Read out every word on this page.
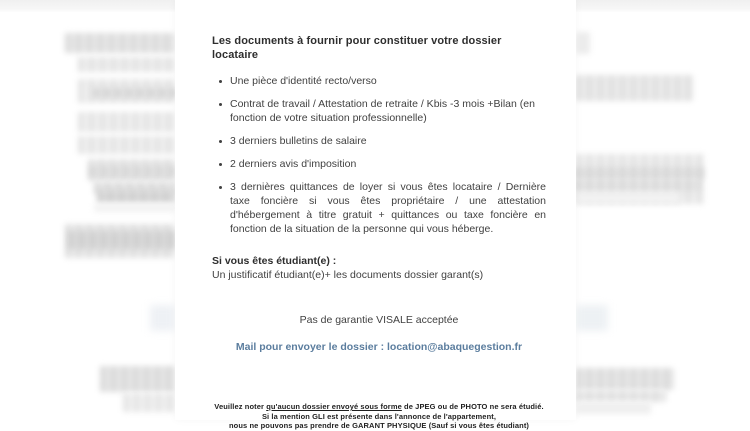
Les documents à fournir pour constituer votre dossier locataire
Une pièce d'identité recto/verso
Contrat de travail / Attestation de retraite / Kbis -3 mois +Bilan (en fonction de votre situation professionnelle)
3 derniers bulletins de salaire
2 derniers avis d'imposition
3 dernières quittances de loyer si vous êtes locataire / Dernière taxe foncière si vous êtes propriétaire / une attestation d'hébergement à titre gratuit + quittances ou taxe foncière en fonction de la situation de la personne qui vous héberge.

Si vous êtes étudiant(e) :

Un justificatif étudiant(e)+ les documents dossier garant(s)

Pas de garantie VISALE acceptée

Mail pour envoyer le dossier : location@abaquegestion.fr

Veuillez noter qu'aucun dossier envoyé sous forme de JPEG ou de PHOTO ne sera étudié.

Si la mention GLI est présente dans l'annonce de l'appartement,

nous ne pouvons pas prendre de GARANT PHYSIQUE (Sauf si vous êtes étudiant)
